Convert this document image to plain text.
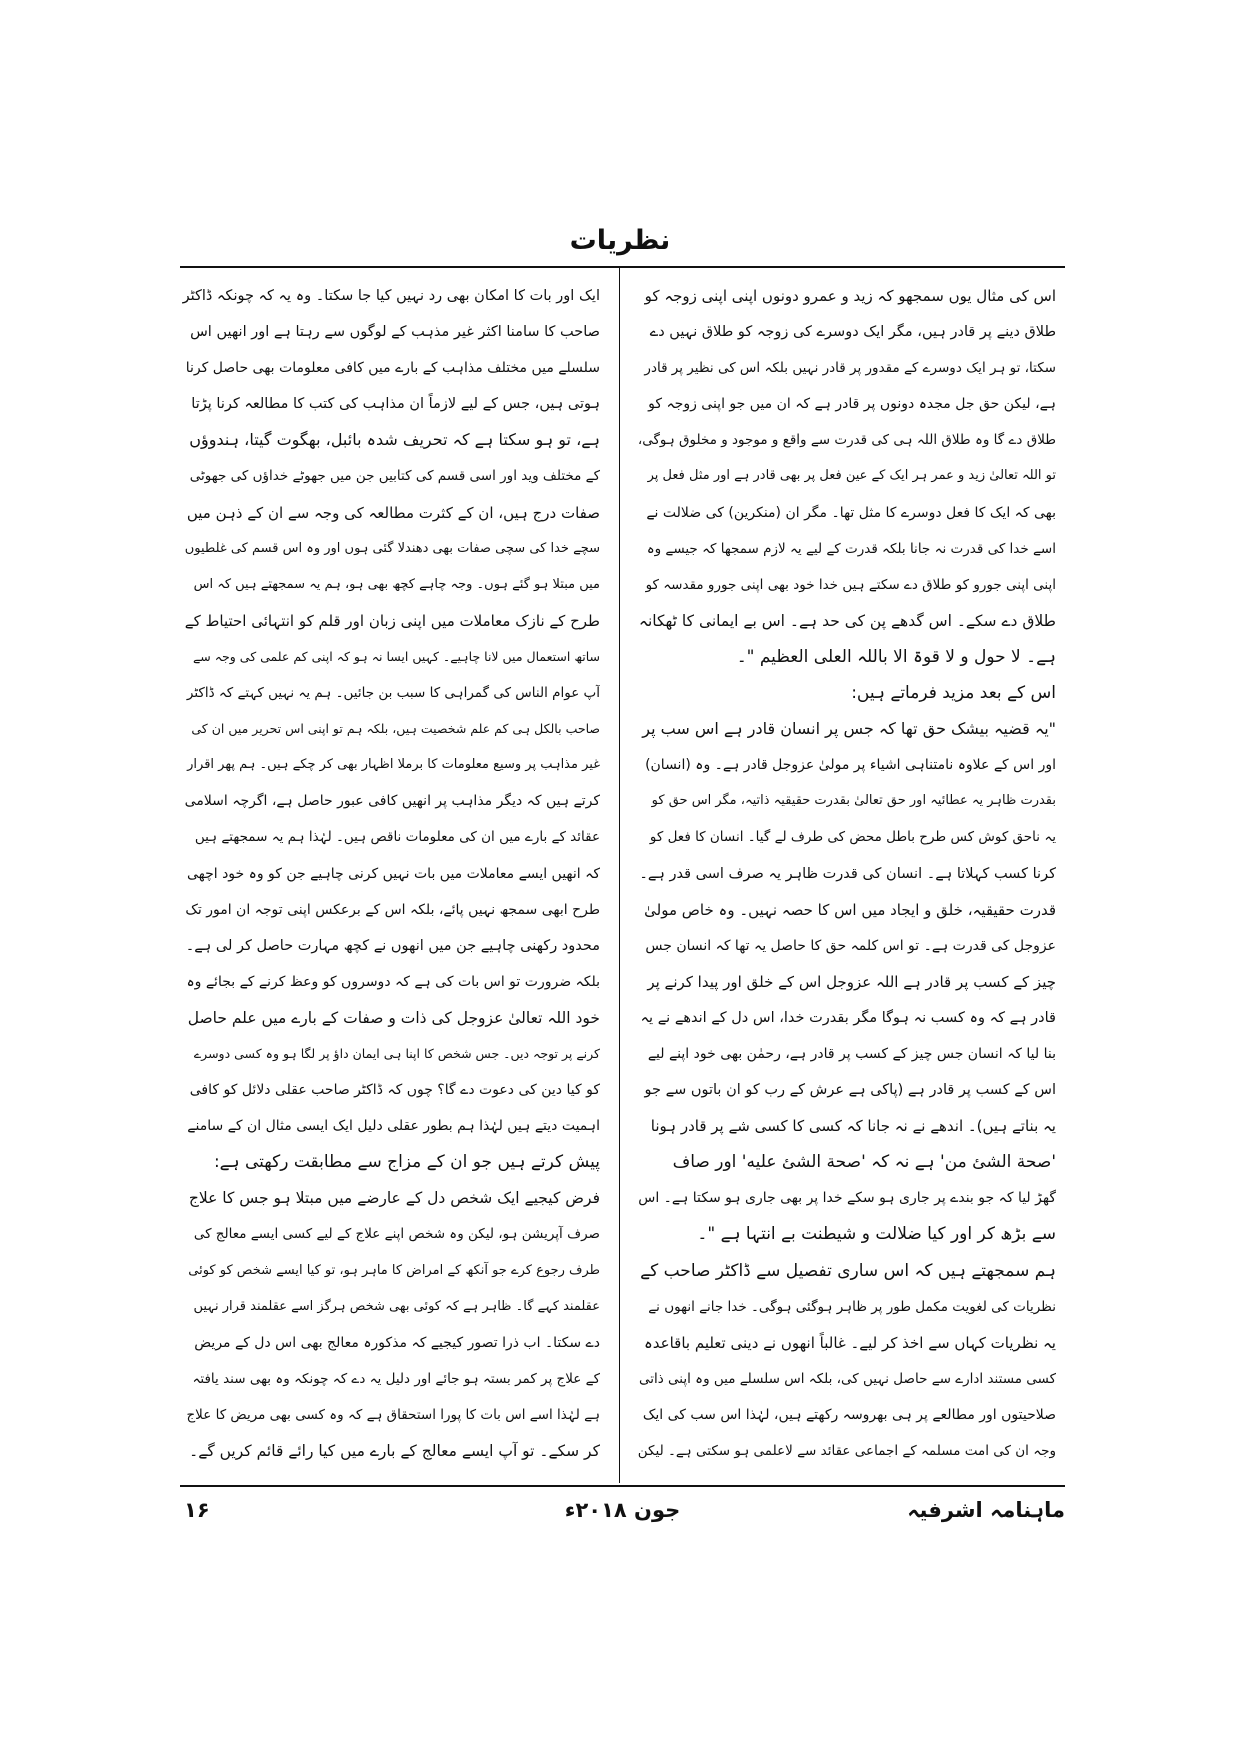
نظریات
اس کی مثال یوں سمجھو کہ زید و عمرو دونوں اپنی اپنی زوجہ کو
طلاق دینے پر قادر ہیں، مگر ایک دوسرے کی زوجہ کو طلاق نہیں دے
سکتا، تو ہر ایک دوسرے کے مقدور پر قادر نہیں بلکہ اس کی نظیر پر قادر
ہے، لیکن حق جل مجدہ دونوں پر قادر ہے کہ ان میں جو اپنی زوجہ کو
طلاق دے گا وہ طلاق اللہ ہی کی قدرت سے واقع و موجود و مخلوق ہوگی،
تو اللہ تعالیٰ زید و عمر ہر ایک کے عین فعل پر بھی قادر ہے اور مثل فعل پر
بھی کہ ایک کا فعل دوسرے کا مثل تھا۔ مگر ان (منکرین) کی ضلالت نے
اسے خدا کی قدرت نہ جانا بلکہ قدرت کے لیے یہ لازم سمجھا کہ جیسے وہ
اپنی اپنی جورو کو طلاق دے سکتے ہیں خدا خود بھی اپنی جورو مقدسہ کو
طلاق دے سکے۔ اس گدھے پن کی حد ہے۔ اس بے ایمانی کا ٹھکانہ
ہے۔ لا حول و لا قوۃ الا باللہ العلی العظیم "۔
اس کے بعد مزید فرماتے ہیں:
"یہ قضیہ بیشک حق تھا کہ جس پر انسان قادر ہے اس سب پر
اور اس کے علاوہ نامتناہی اشیاء پر مولیٰ عزوجل قادر ہے۔ وہ (انسان)
بقدرت ظاہر یہ عطائیہ اور حق تعالیٰ بقدرت حقیقیہ ذاتیہ، مگر اس حق کو
یہ ناحق کوش کس طرح باطل محض کی طرف لے گیا۔ انسان کا فعل کو
کرنا کسب کہلاتا ہے۔ انسان کی قدرت ظاہر یہ صرف اسی قدر ہے۔
قدرت حقیقیہ، خلق و ایجاد میں اس کا حصہ نہیں۔ وہ خاص مولیٰ
عزوجل کی قدرت ہے۔ تو اس کلمہ حق کا حاصل یہ تھا کہ انسان جس
چیز کے کسب پر قادر ہے اللہ عزوجل اس کے خلق اور پیدا کرنے پر
قادر ہے کہ وہ کسب نہ ہوگا مگر بقدرت خدا، اس دل کے اندھے نے یہ
بنا لیا کہ انسان جس چیز کے کسب پر قادر ہے، رحمٰن بھی خود اپنے لیے
اس کے کسب پر قادر ہے (پاکی ہے عرش کے رب کو ان باتوں سے جو
یہ بناتے ہیں)۔ اندھے نے نہ جانا کہ کسی کا کسی شے پر قادر ہونا
'صحة الشئ من' ہے نہ کہ 'صحة الشئ علیه' اور صاف
گھڑ لیا کہ جو بندے پر جاری ہو سکے خدا پر بھی جاری ہو سکتا ہے۔ اس
سے بڑھ کر اور کیا ضلالت و شیطنت بے انتہا ہے "۔
ہم سمجھتے ہیں کہ اس ساری تفصیل سے ڈاکٹر صاحب کے
نظریات کی لغویت مکمل طور پر ظاہر ہوگئی ہوگی۔ خدا جانے انھوں نے
یہ نظریات کہاں سے اخذ کر لیے۔ غالباً انھوں نے دینی تعلیم باقاعدہ
کسی مستند ادارے سے حاصل نہیں کی، بلکہ اس سلسلے میں وہ اپنی ذاتی
صلاحیتوں اور مطالعے پر ہی بھروسہ رکھتے ہیں، لہٰذا اس سب کی ایک
وجہ ان کی امت مسلمہ کے اجماعی عقائد سے لاعلمی ہو سکتی ہے۔ لیکن
ایک اور بات کا امکان بھی رد نہیں کیا جا سکتا۔ وہ یہ کہ چونکہ ڈاکٹر
صاحب کا سامنا اکثر غیر مذہب کے لوگوں سے رہتا ہے اور انھیں اس
سلسلے میں مختلف مذاہب کے بارے میں کافی معلومات بھی حاصل کرنا
ہوتی ہیں، جس کے لیے لازماً ان مذاہب کی کتب کا مطالعہ کرنا پڑتا
ہے، تو ہو سکتا ہے کہ تحریف شدہ بائبل، بھگوت گیتا، ہندوؤں
کے مختلف وید اور اسی قسم کی کتابیں جن میں جھوٹے خداؤں کی جھوٹی
صفات درج ہیں، ان کے کثرت مطالعہ کی وجہ سے ان کے ذہن میں
سچے خدا کی سچی صفات بھی دھندلا گئی ہوں اور وہ اس قسم کی غلطیوں
میں مبتلا ہو گئے ہوں۔ وجہ چاہے کچھ بھی ہو، ہم یہ سمجھتے ہیں کہ اس
طرح کے نازک معاملات میں اپنی زبان اور قلم کو انتہائی احتیاط کے
ساتھ استعمال میں لانا چاہیے۔ کہیں ایسا نہ ہو کہ اپنی کم علمی کی وجہ سے
آپ عوام الناس کی گمراہی کا سبب بن جائیں۔ ہم یہ نہیں کہتے کہ ڈاکٹر
صاحب بالکل ہی کم علم شخصیت ہیں، بلکہ ہم تو اپنی اس تحریر میں ان کی
غیر مذاہب پر وسیع معلومات کا برملا اظہار بھی کر چکے ہیں۔ ہم پھر اقرار
کرتے ہیں کہ دیگر مذاہب پر انھیں کافی عبور حاصل ہے، اگرچہ اسلامی
عقائد کے بارے میں ان کی معلومات ناقص ہیں۔ لہٰذا ہم یہ سمجھتے ہیں
کہ انھیں ایسے معاملات میں بات نہیں کرنی چاہیے جن کو وہ خود اچھی
طرح ابھی سمجھ نہیں پائے، بلکہ اس کے برعکس اپنی توجہ ان امور تک
محدود رکھنی چاہیے جن میں انھوں نے کچھ مہارت حاصل کر لی ہے۔
بلکہ ضرورت تو اس بات کی ہے کہ دوسروں کو وعظ کرنے کے بجائے وہ
خود اللہ تعالیٰ عزوجل کی ذات و صفات کے بارے میں علم حاصل
کرنے پر توجہ دیں۔ جس شخص کا اپنا ہی ایمان داؤ پر لگا ہو وہ کسی دوسرے
کو کیا دین کی دعوت دے گا؟ چوں کہ ڈاکٹر صاحب عقلی دلائل کو کافی
اہمیت دیتے ہیں لہٰذا ہم بطور عقلی دلیل ایک ایسی مثال ان کے سامنے
پیش کرتے ہیں جو ان کے مزاج سے مطابقت رکھتی ہے:
فرض کیجیے ایک شخص دل کے عارضے میں مبتلا ہو جس کا علاج
صرف آپریشن ہو، لیکن وہ شخص اپنے علاج کے لیے کسی ایسے معالج کی
طرف رجوع کرے جو آنکھ کے امراض کا ماہر ہو، تو کیا ایسے شخص کو کوئی
عقلمند کہے گا۔ ظاہر ہے کہ کوئی بھی شخص ہرگز اسے عقلمند قرار نہیں
دے سکتا۔ اب ذرا تصور کیجیے کہ مذکورہ معالج بھی اس دل کے مریض
کے علاج پر کمر بستہ ہو جائے اور دلیل یہ دے کہ چونکہ وہ بھی سند یافتہ
ہے لہٰذا اسے اس بات کا پورا استحقاق ہے کہ وہ کسی بھی مریض کا علاج
کر سکے۔ تو آپ ایسے معالج کے بارے میں کیا رائے قائم کریں گے۔
ماہنامہ اشرفیہ
جون ۲۰۱۸ء
۱۶
